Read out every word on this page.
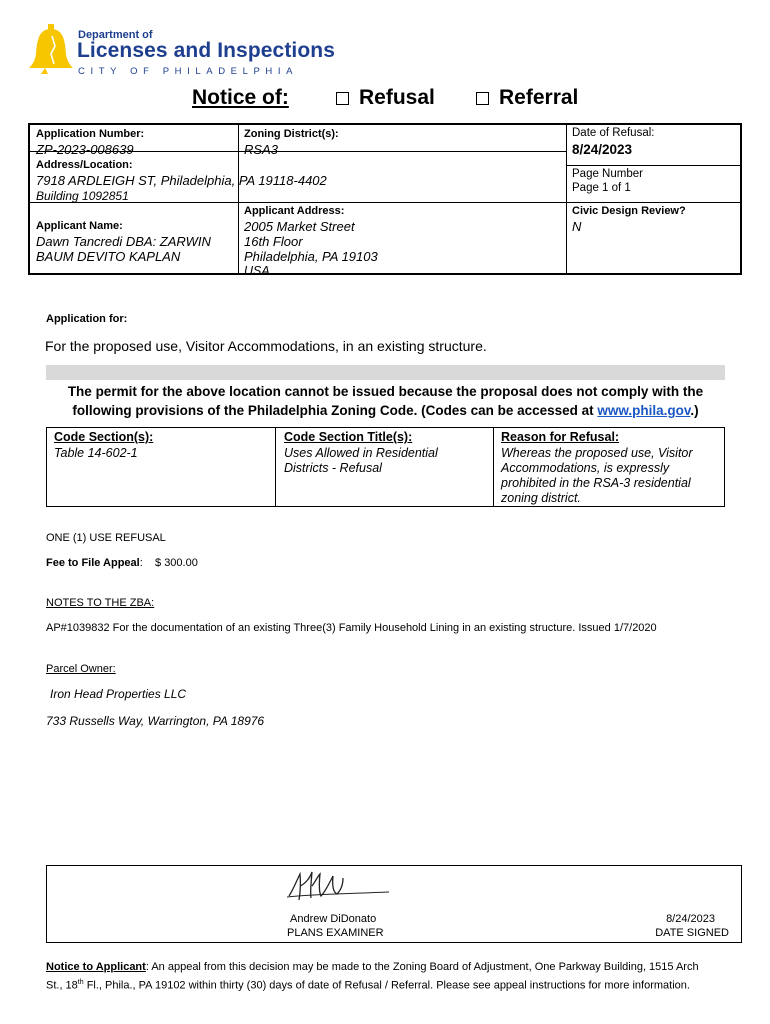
Department of
Licenses and Inspections
CITY OF PHILADELPHIA
Notice of:	Refusal	Referral
Application Number:
ZP-2023-008639
Zoning District(s):
RSA3
Date of Refusal:
8/24/2023
Address/Location:
7918 ARDLEIGH ST, Philadelphia, PA 19118-4402
Building 1092851
Page Number
Page 1 of 1
Applicant Address:
2005 Market Street
16th Floor
Philadelphia, PA 19103
USA
Applicant Name:
Dawn Tancredi DBA: ZARWIN
BAUM DEVITO KAPLAN
Civic Design Review?
N
Application for:
For the proposed use, Visitor Accommodations, in an existing structure.
The permit for the above location cannot be issued because the proposal does not comply with the
following provisions of the Philadelphia Zoning Code. (Codes can be accessed at www.phila.gov.)
Code Section(s):
Table 14-602-1
Code Section Title(s):
Uses Allowed in Residential
Districts - Refusal
Reason for Refusal:
Whereas the proposed use, Visitor
Accommodations, is expressly
prohibited in the RSA-3 residential
zoning district.
ONE (1) USE REFUSAL
Fee to File Appeal:    $ 300.00
NOTES TO THE ZBA:
AP#1039832 For the documentation of an existing Three(3) Family Household Lining in an existing structure. Issued 1/7/2020
Parcel Owner:
Iron Head Properties LLC
733 Russells Way, Warrington, PA 18976
Andrew DiDonato
PLANS EXAMINER
8/24/2023
DATE SIGNED
Notice to Applicant: An appeal from this decision may be made to the Zoning Board of Adjustment, One Parkway Building, 1515 Arch
St., 18th Fl., Phila., PA 19102 within thirty (30) days of date of Refusal / Referral. Please see appeal instructions for more information.
